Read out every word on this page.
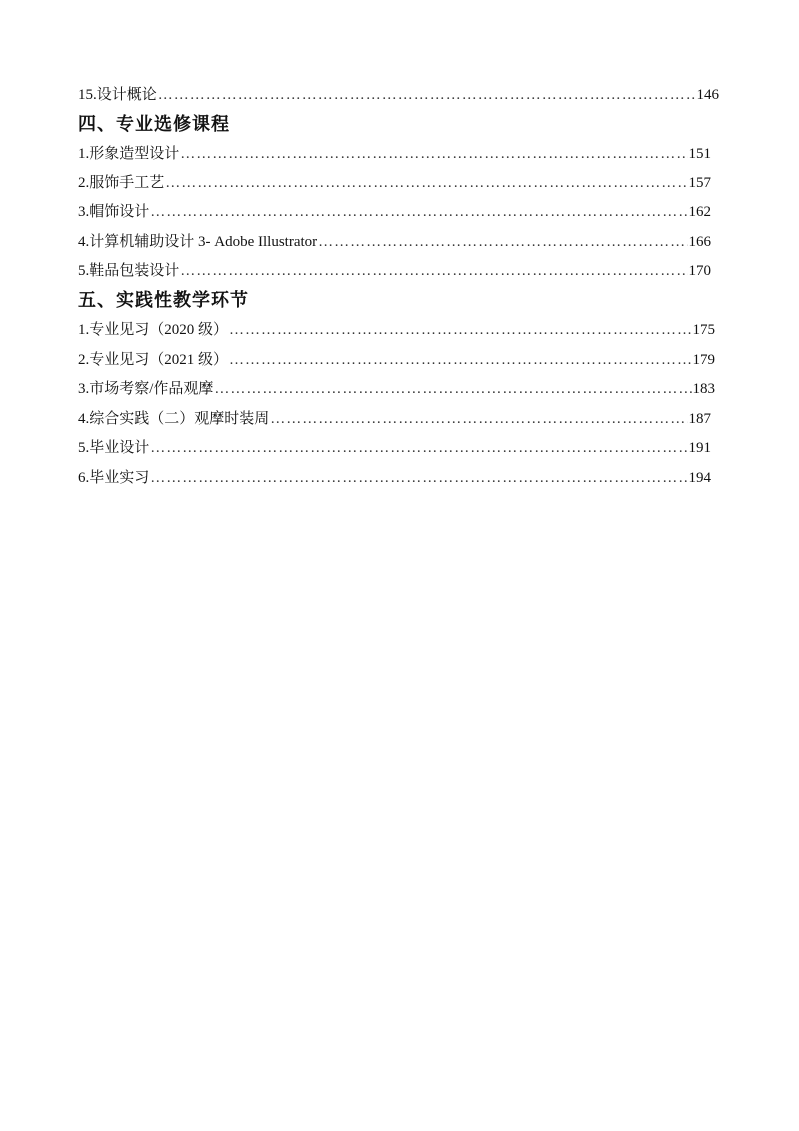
15.设计概论 ……………………………………………………………………………………………………………………………………………………………………………………………………………………………	146
四、专业选修课程
1.形象造型设计 ……………………………………………………………………………………………………………………………………………………………………………………………………………………………	151
2.服饰手工艺 ……………………………………………………………………………………………………………………………………………………………………………………………………………………………	157
3.帽饰设计 ……………………………………………………………………………………………………………………………………………………………………………………………………………………………	162
4.计算机辅助设计 3- Adobe Illustrator ……………………………………………………………………………………………………………………………………………………………………………………………………………………………	166
5.鞋品包装设计 ……………………………………………………………………………………………………………………………………………………………………………………………………………………………	170
五、实践性教学环节
1.专业见习（2020 级） ……………………………………………………………………………………………………………………………………………………………………………………………………………………………	175
2.专业见习（2021 级） ……………………………………………………………………………………………………………………………………………………………………………………………………………………………	179
3.市场考察/作品观摩 ……………………………………………………………………………………………………………………………………………………………………………………………………………………………	183
4.综合实践（二）观摩时装周 ……………………………………………………………………………………………………………………………………………………………………………………………………………………………	187
5.毕业设计 ……………………………………………………………………………………………………………………………………………………………………………………………………………………………	191
6.毕业实习 ……………………………………………………………………………………………………………………………………………………………………………………………………………………………	194
